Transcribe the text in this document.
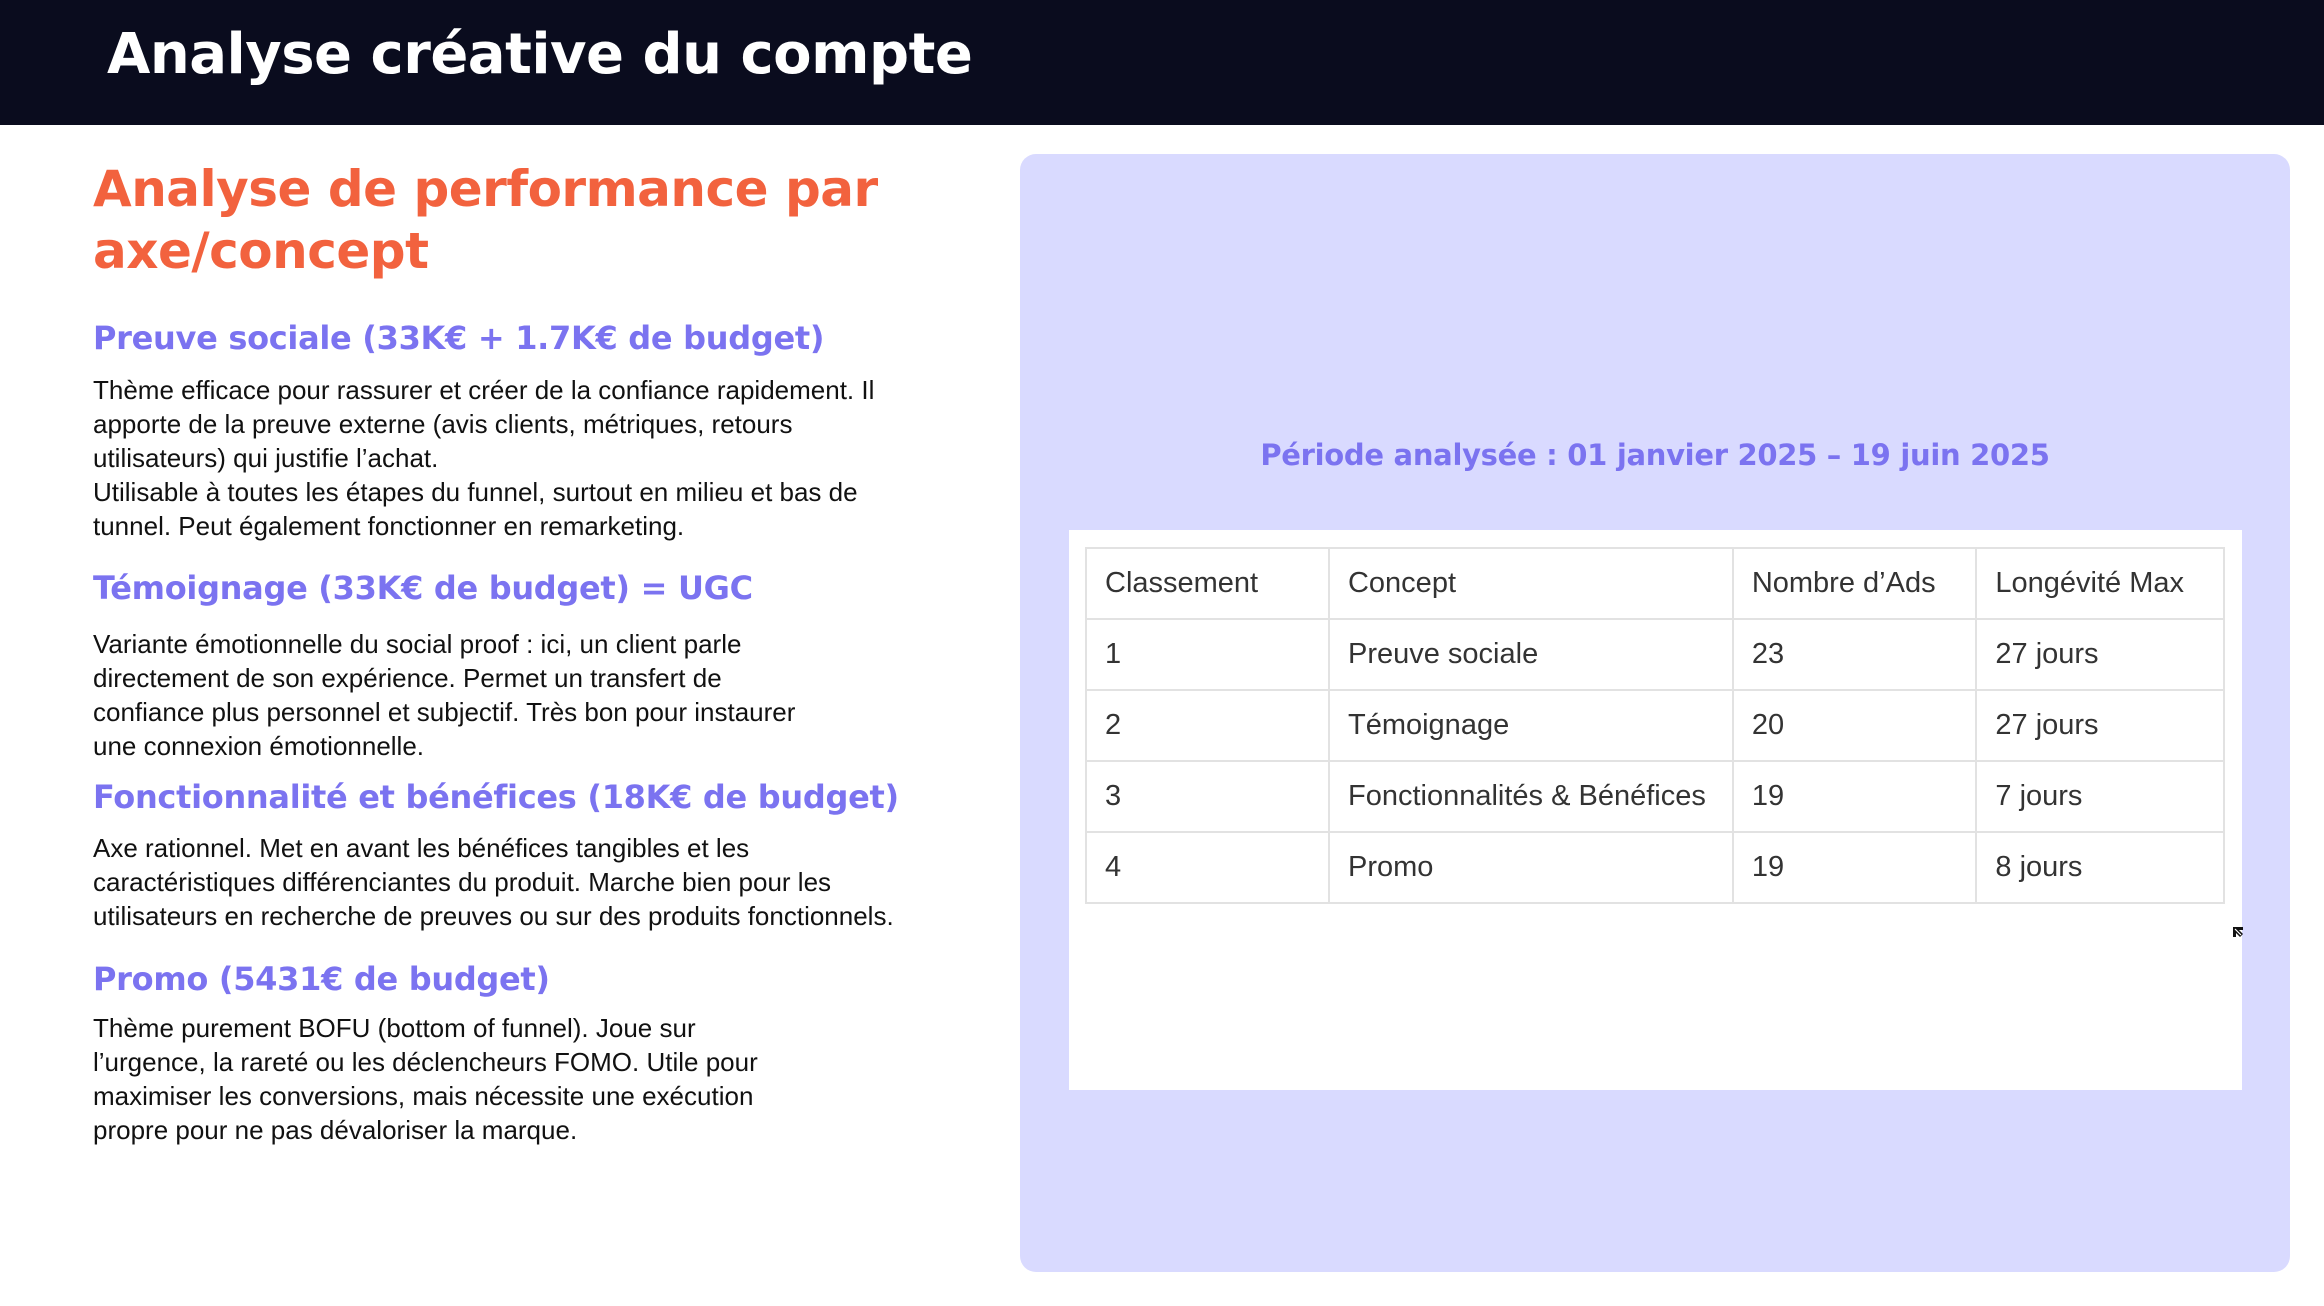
Analyse créative du compte
Analyse de performance par axe/concept
Preuve sociale (33K€ + 1.7K€ de budget)
Thème efficace pour rassurer et créer de la confiance rapidement. Il
apporte de la preuve externe (avis clients, métriques, retours
utilisateurs) qui justifie l’achat.
Utilisable à toutes les étapes du funnel, surtout en milieu et bas de
tunnel. Peut également fonctionner en remarketing.
Témoignage (33K€ de budget) = UGC
Variante émotionnelle du social proof : ici, un client parle
directement de son expérience. Permet un transfert de
confiance plus personnel et subjectif. Très bon pour instaurer
une connexion émotionnelle.
Fonctionnalité et bénéfices (18K€ de budget)
Axe rationnel. Met en avant les bénéfices tangibles et les
caractéristiques différenciantes du produit. Marche bien pour les
utilisateurs en recherche de preuves ou sur des produits fonctionnels.
Promo (5431€ de budget)
Thème purement BOFU (bottom of funnel). Joue sur
l’urgence, la rareté ou les déclencheurs FOMO. Utile pour
maximiser les conversions, mais nécessite une exécution
propre pour ne pas dévaloriser la marque.
Période analysée : 01 janvier 2025 – 19 juin 2025
Classement	Concept	Nombre d’Ads	Longévité Max
1	Preuve sociale	23	27 jours
2	Témoignage	20	27 jours
3	Fonctionnalités & Bénéfices	19	7 jours
4	Promo	19	8 jours
